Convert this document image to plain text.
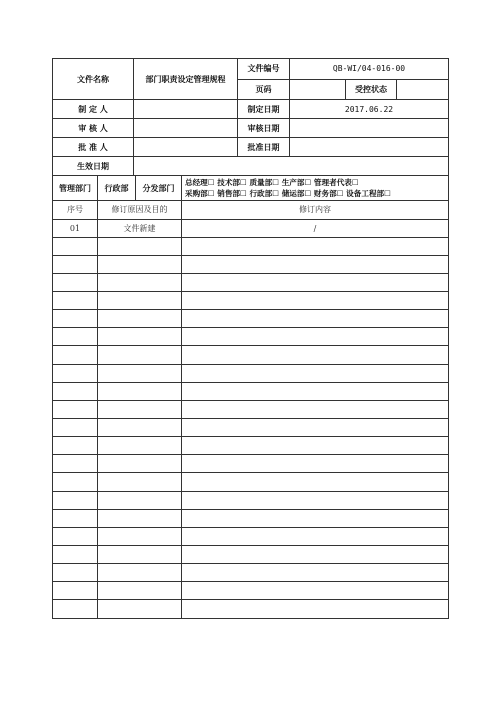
文件名称	部门职责设定管理规程	文件编号	QB-WI/04-016-00
		页码	受控状态

制 定 人		制定日期	2017.06.22
审 核 人		审核日期	
批 准 人		批准日期	
生效日期			
管理部门	行政部	分发部门	
总经理☐ 技术部☐ 质量部☐ 生产部☐ 管理者代表☐
采购部☐ 销售部☐ 行政部☐ 储运部☐ 财务部☐ 设备工程部☐
序号	修订原因及目的	修订内容
01	文件新建	/
